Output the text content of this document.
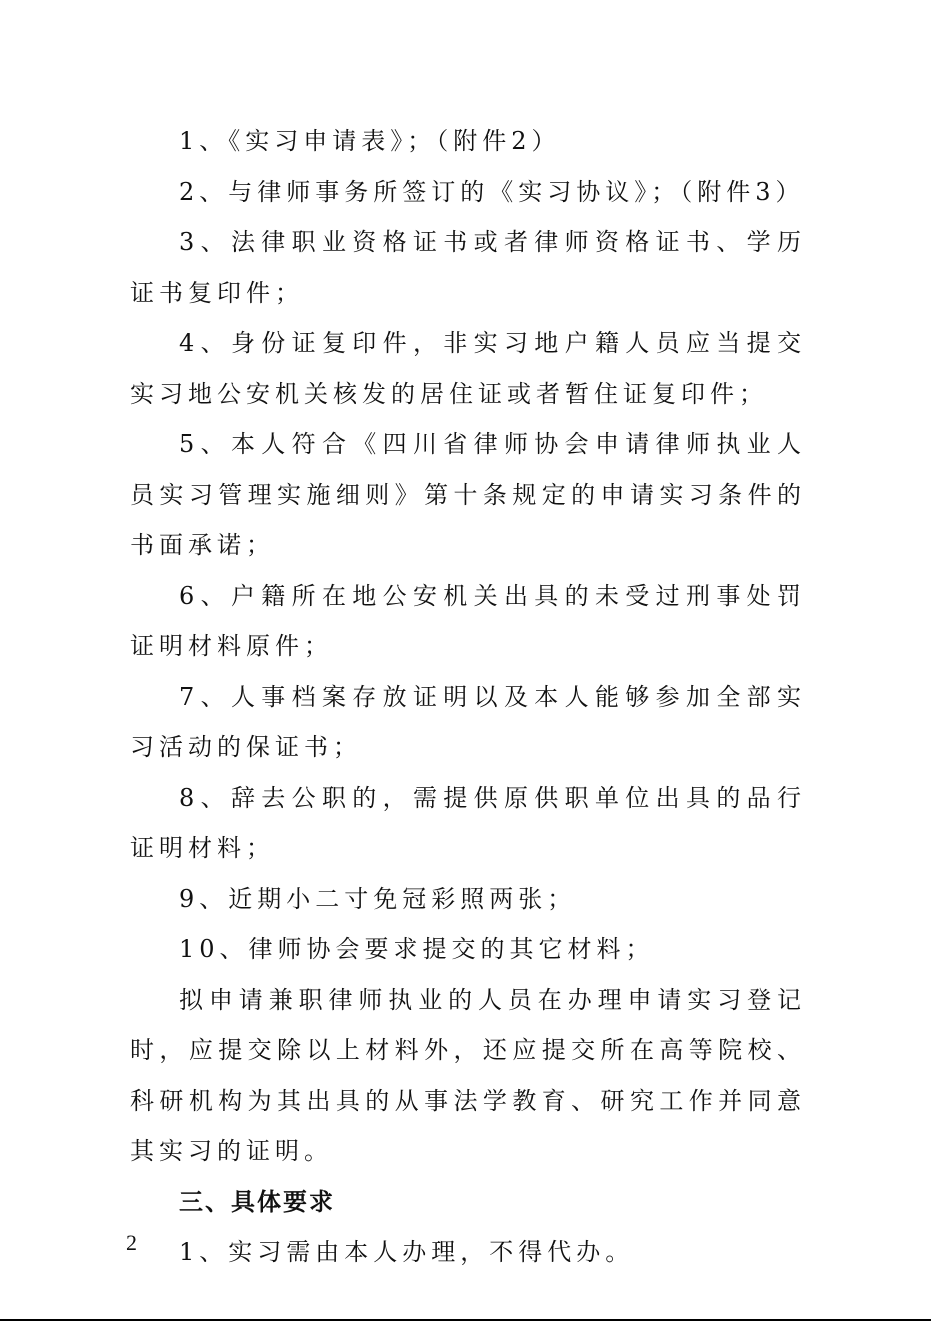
1、《实习申请表》；（附件2）

2、与律师事务所签订的《实习协议》；（附件3）

3、法律职业资格证书或者律师资格证书、学历证书复印件；

4、身份证复印件，非实习地户籍人员应当提交实习地公安机关核发的居住证或者暂住证复印件；

5、本人符合《四川省律师协会申请律师执业人员实习管理实施细则》第十条规定的申请实习条件的书面承诺；

6、户籍所在地公安机关出具的未受过刑事处罚证明材料原件；

7、人事档案存放证明以及本人能够参加全部实习活动的保证书；

8、辞去公职的，需提供原供职单位出具的品行证明材料；

9、近期小二寸免冠彩照两张；

10、律师协会要求提交的其它材料；

拟申请兼职律师执业的人员在办理申请实习登记时，应提交除以上材料外，还应提交所在高等院校、科研机构为其出具的从事法学教育、研究工作并同意其实习的证明。

三、具体要求

1、实习需由本人办理，不得代办。

2
